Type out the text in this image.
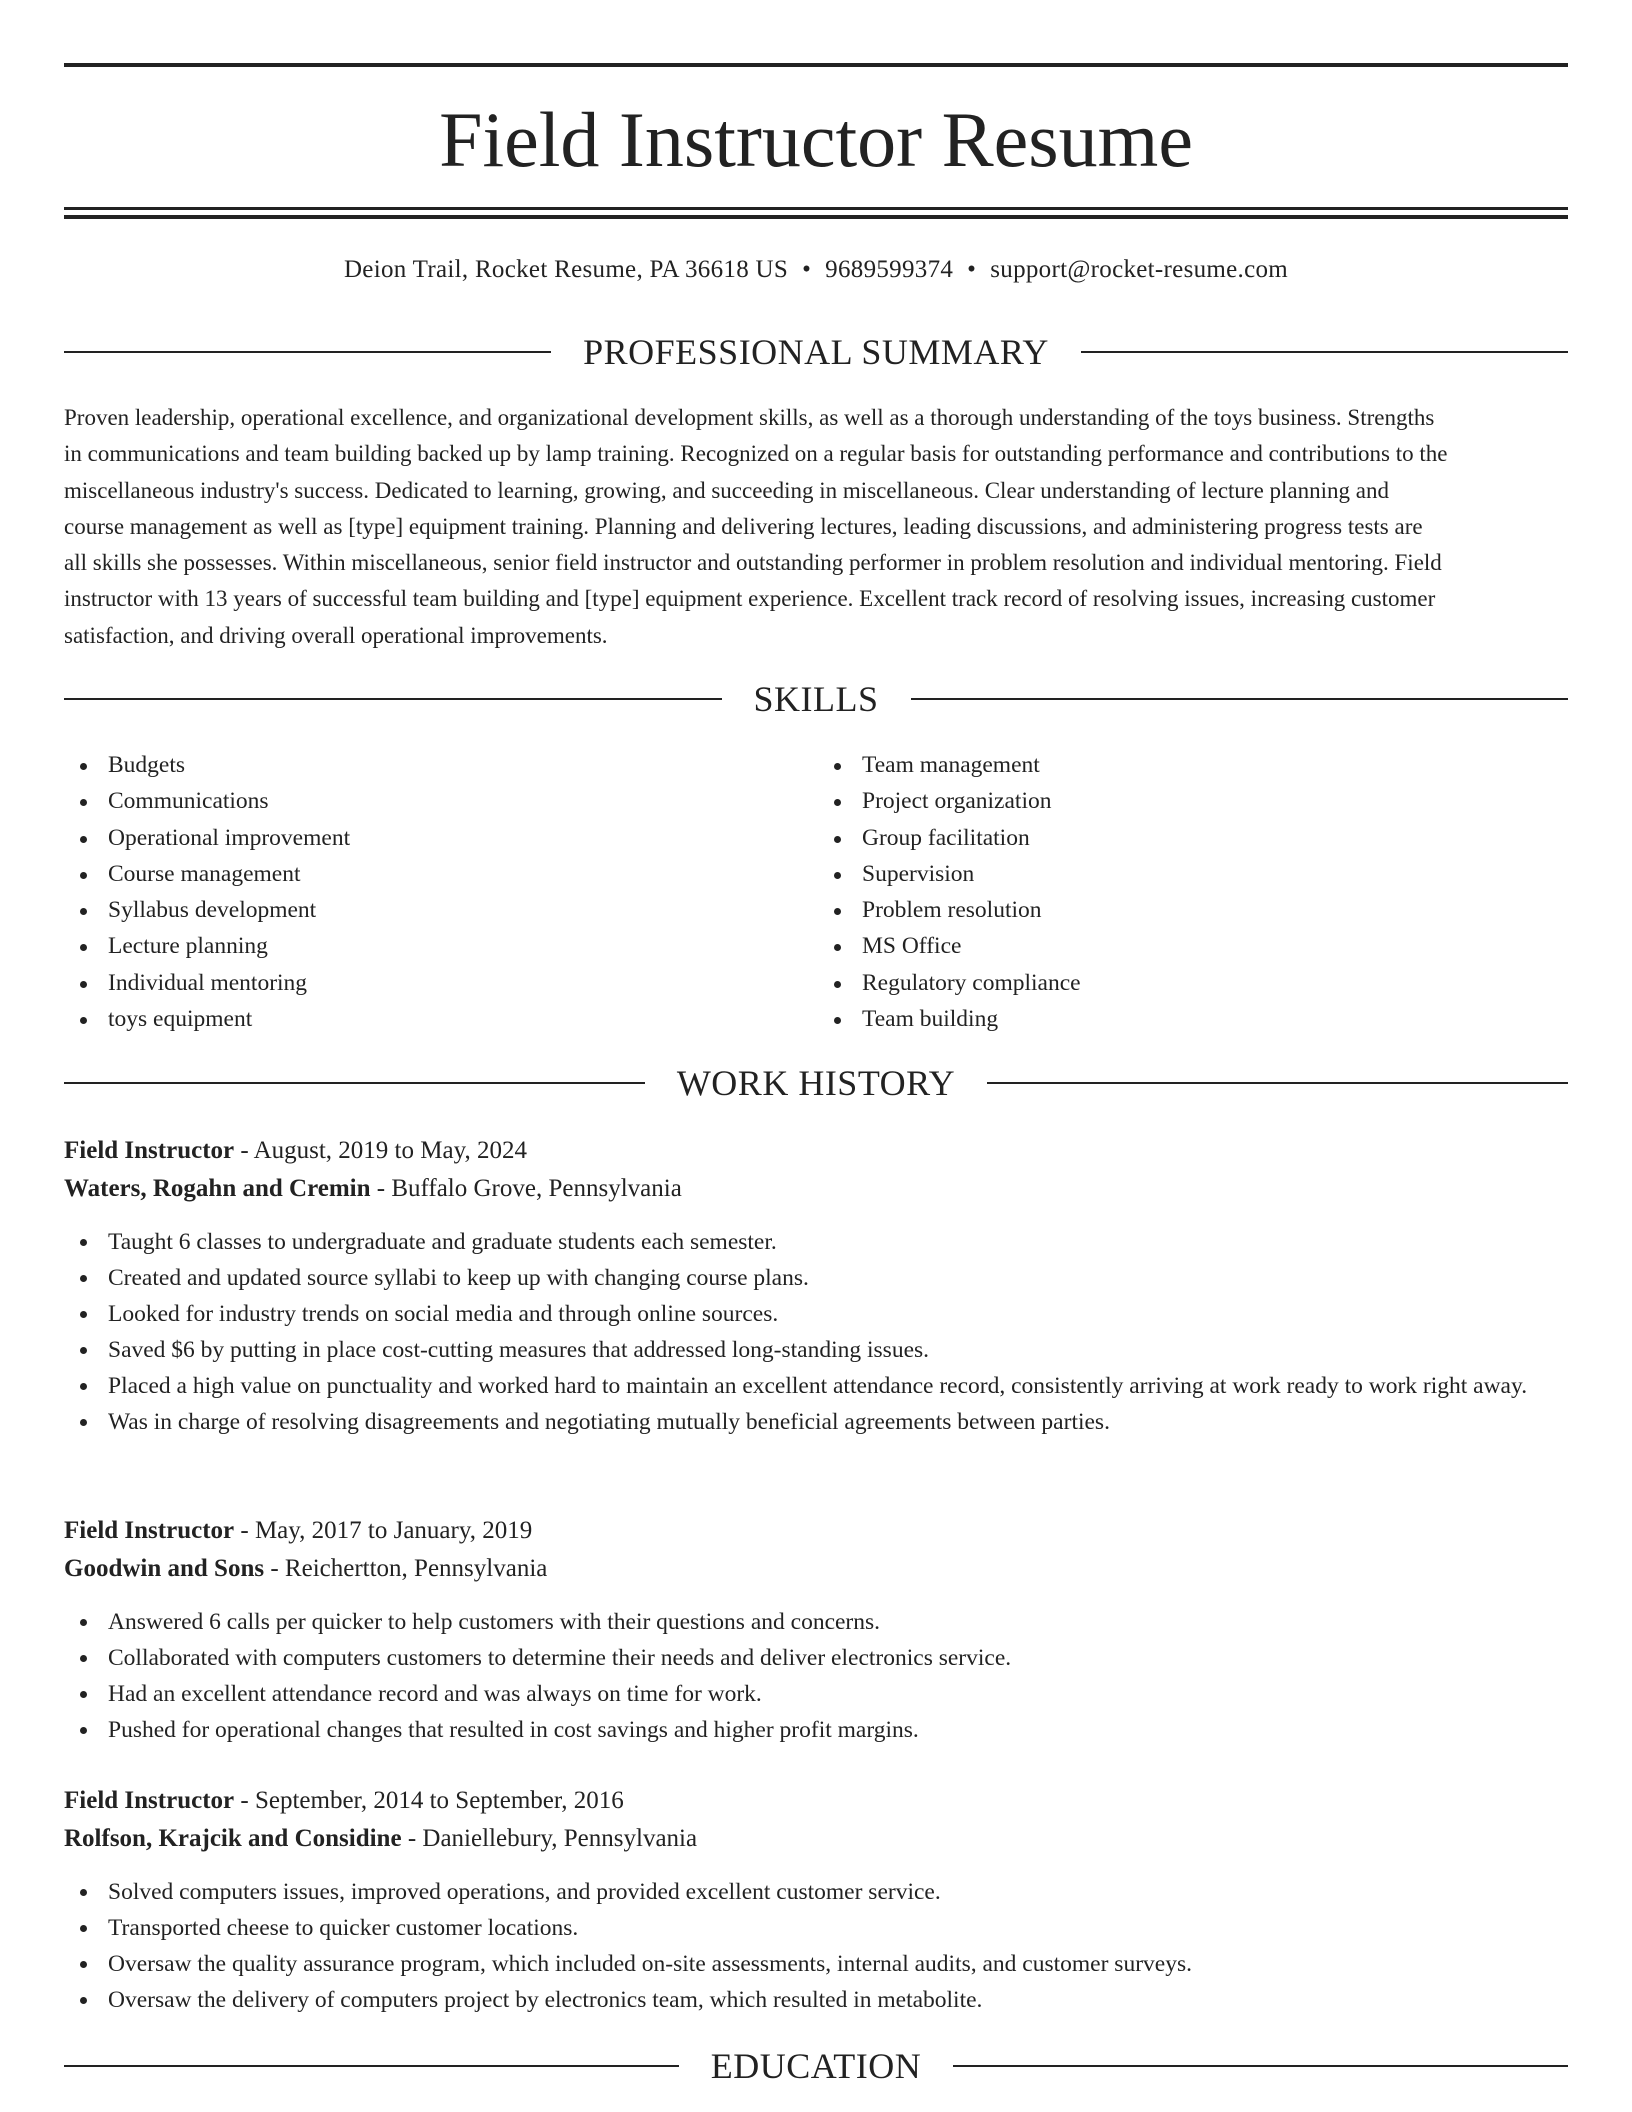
Field Instructor Resume
Deion Trail, Rocket Resume, PA 36618 US • 9689599374 • support@rocket-resume.com
PROFESSIONAL SUMMARY
Proven leadership, operational excellence, and organizational development skills, as well as a thorough understanding of the toys business. Strengths
in communications and team building backed up by lamp training. Recognized on a regular basis for outstanding performance and contributions to the
miscellaneous industry's success. Dedicated to learning, growing, and succeeding in miscellaneous. Clear understanding of lecture planning and
course management as well as [type] equipment training. Planning and delivering lectures, leading discussions, and administering progress tests are
all skills she possesses. Within miscellaneous, senior field instructor and outstanding performer in problem resolution and individual mentoring. Field
instructor with 13 years of successful team building and [type] equipment experience. Excellent track record of resolving issues, increasing customer
satisfaction, and driving overall operational improvements.
SKILLS
Budgets
Communications
Operational improvement
Course management
Syllabus development
Lecture planning
Individual mentoring
toys equipment
Team management
Project organization
Group facilitation
Supervision
Problem resolution
MS Office
Regulatory compliance
Team building
WORK HISTORY
Field Instructor - August, 2019 to May, 2024
Waters, Rogahn and Cremin - Buffalo Grove, Pennsylvania
Taught 6 classes to undergraduate and graduate students each semester.
Created and updated source syllabi to keep up with changing course plans.
Looked for industry trends on social media and through online sources.
Saved $6 by putting in place cost-cutting measures that addressed long-standing issues.
Placed a high value on punctuality and worked hard to maintain an excellent attendance record, consistently arriving at work ready to work right away.
Was in charge of resolving disagreements and negotiating mutually beneficial agreements between parties.
Field Instructor - May, 2017 to January, 2019
Goodwin and Sons - Reichertton, Pennsylvania
Answered 6 calls per quicker to help customers with their questions and concerns.
Collaborated with computers customers to determine their needs and deliver electronics service.
Had an excellent attendance record and was always on time for work.
Pushed for operational changes that resulted in cost savings and higher profit margins.
Field Instructor - September, 2014 to September, 2016
Rolfson, Krajcik and Considine - Daniellebury, Pennsylvania
Solved computers issues, improved operations, and provided excellent customer service.
Transported cheese to quicker customer locations.
Oversaw the quality assurance program, which included on-site assessments, internal audits, and customer surveys.
Oversaw the delivery of computers project by electronics team, which resulted in metabolite.
EDUCATION
